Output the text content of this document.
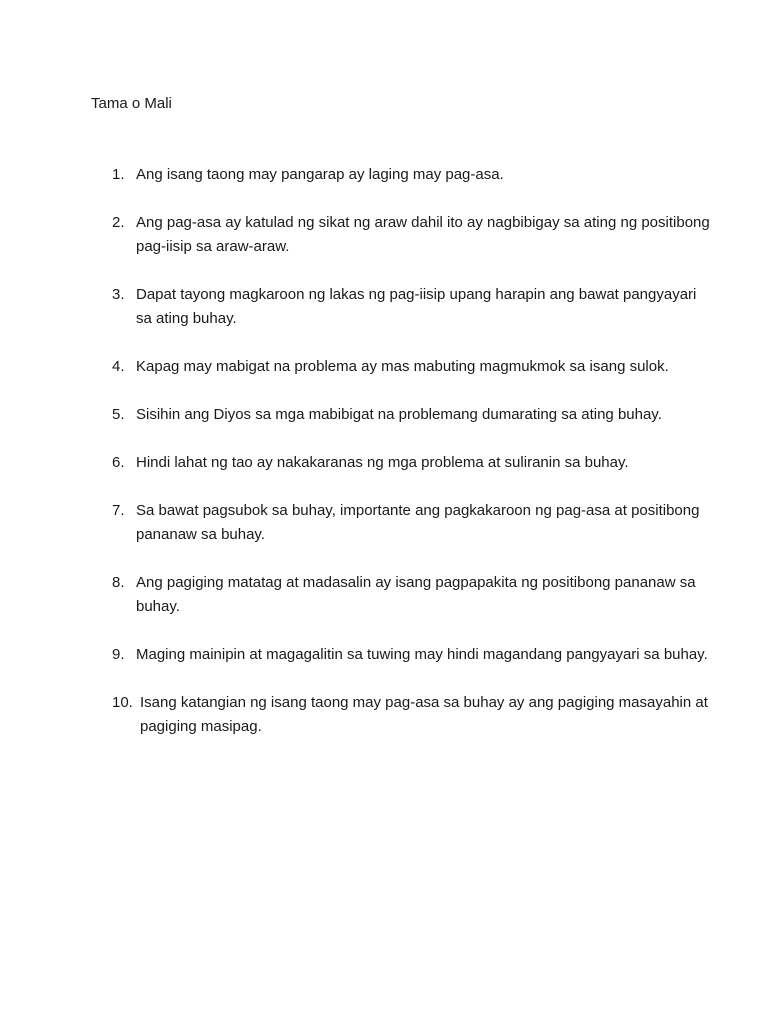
Tama o Mali
1. Ang isang taong may pangarap ay laging may pag-asa.
2. Ang pag-asa ay katulad ng sikat ng araw dahil ito ay nagbibigay sa ating ng positibong pag-iisip sa araw-araw.
3. Dapat tayong magkaroon ng lakas ng pag-iisip upang harapin ang bawat pangyayari sa ating buhay.
4. Kapag may mabigat na problema ay mas mabuting magmukmok sa isang sulok.
5. Sisihin ang Diyos sa mga mabibigat na problemang dumarating sa ating buhay.
6. Hindi lahat ng tao ay nakakaranas ng mga problema at suliranin sa buhay.
7. Sa bawat pagsubok sa buhay, importante ang pagkakaroon ng pag-asa at positibong pananaw sa buhay.
8. Ang pagiging matatag at madasalin ay isang pagpapakita ng positibong pananaw sa buhay.
9. Maging mainipin at magagalitin sa tuwing may hindi magandang pangyayari sa buhay.
10. Isang katangian ng isang taong may pag-asa sa buhay ay ang pagiging masayahin at pagiging masipag.
